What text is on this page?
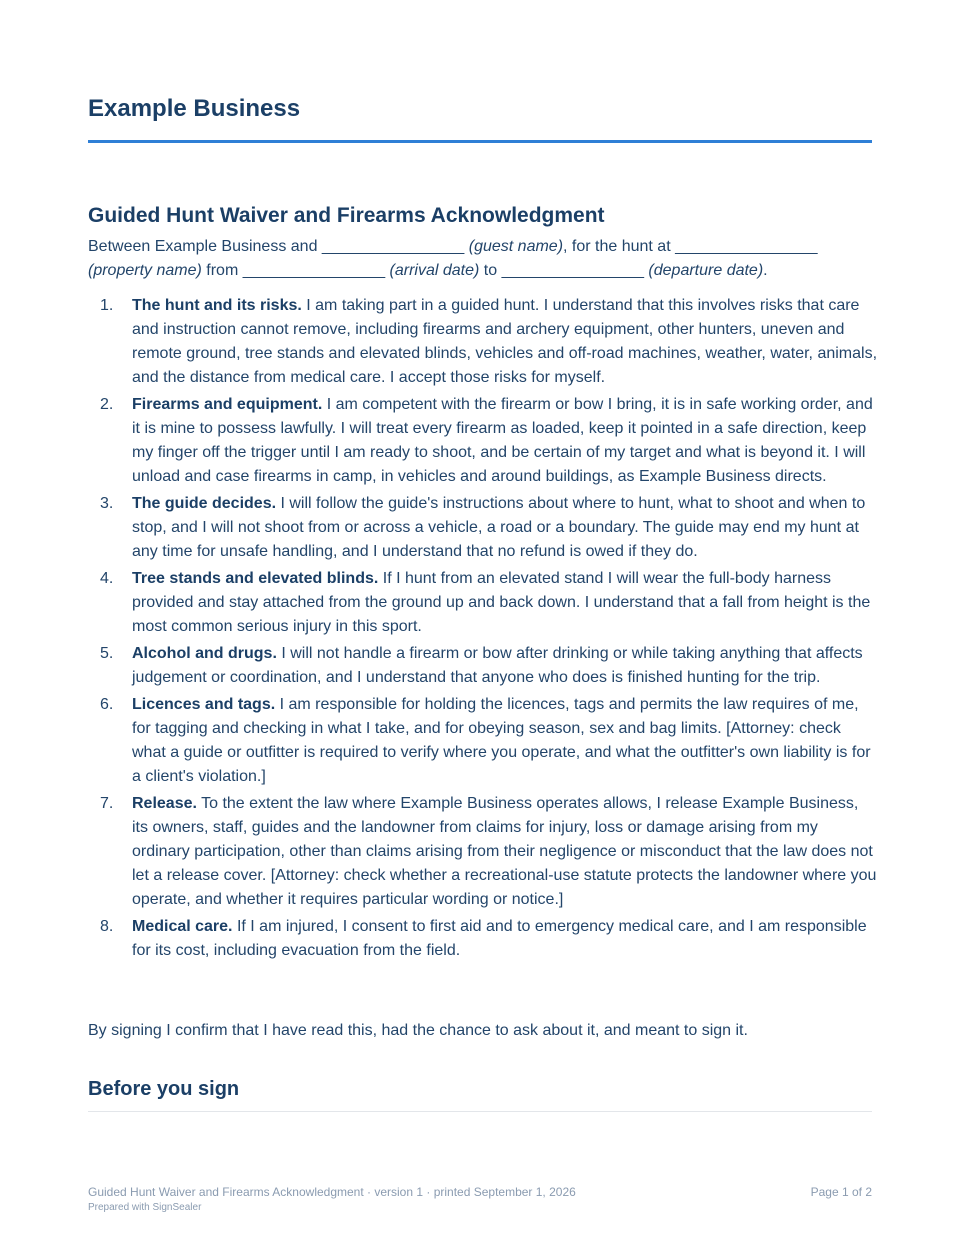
Example Business
Guided Hunt Waiver and Firearms Acknowledgment

Between Example Business and ________________ (guest name), for the hunt at ________________
(property name) from ________________ (arrival date) to ________________ (departure date).

1. The hunt and its risks. I am taking part in a guided hunt. I understand that this involves risks that care and instruction cannot remove, including firearms and archery equipment, other hunters, uneven and remote ground, tree stands and elevated blinds, vehicles and off-road machines, weather, water, animals, and the distance from medical care. I accept those risks for myself.
2. Firearms and equipment. I am competent with the firearm or bow I bring, it is in safe working order, and it is mine to possess lawfully. I will treat every firearm as loaded, keep it pointed in a safe direction, keep my finger off the trigger until I am ready to shoot, and be certain of my target and what is beyond it. I will unload and case firearms in camp, in vehicles and around buildings, as Example Business directs.
3. The guide decides. I will follow the guide's instructions about where to hunt, what to shoot and when to stop, and I will not shoot from or across a vehicle, a road or a boundary. The guide may end my hunt at any time for unsafe handling, and I understand that no refund is owed if they do.
4. Tree stands and elevated blinds. If I hunt from an elevated stand I will wear the full-body harness provided and stay attached from the ground up and back down. I understand that a fall from height is the most common serious injury in this sport.
5. Alcohol and drugs. I will not handle a firearm or bow after drinking or while taking anything that affects judgement or coordination, and I understand that anyone who does is finished hunting for the trip.
6. Licences and tags. I am responsible for holding the licences, tags and permits the law requires of me, for tagging and checking in what I take, and for obeying season, sex and bag limits. [Attorney: check what a guide or outfitter is required to verify where you operate, and what the outfitter's own liability is for a client's violation.]
7. Release. To the extent the law where Example Business operates allows, I release Example Business, its owners, staff, guides and the landowner from claims for injury, loss or damage arising from my ordinary participation, other than claims arising from their negligence or misconduct that the law does not let a release cover. [Attorney: check whether a recreational-use statute protects the landowner where you operate, and whether it requires particular wording or notice.]
8. Medical care. If I am injured, I consent to first aid and to emergency medical care, and I am responsible for its cost, including evacuation from the field.

By signing I confirm that I have read this, had the chance to ask about it, and meant to sign it.

Before you sign
Guided Hunt Waiver and Firearms Acknowledgment · version 1 · printed September 1, 2026	Page 1 of 2
Prepared with SignSealer
